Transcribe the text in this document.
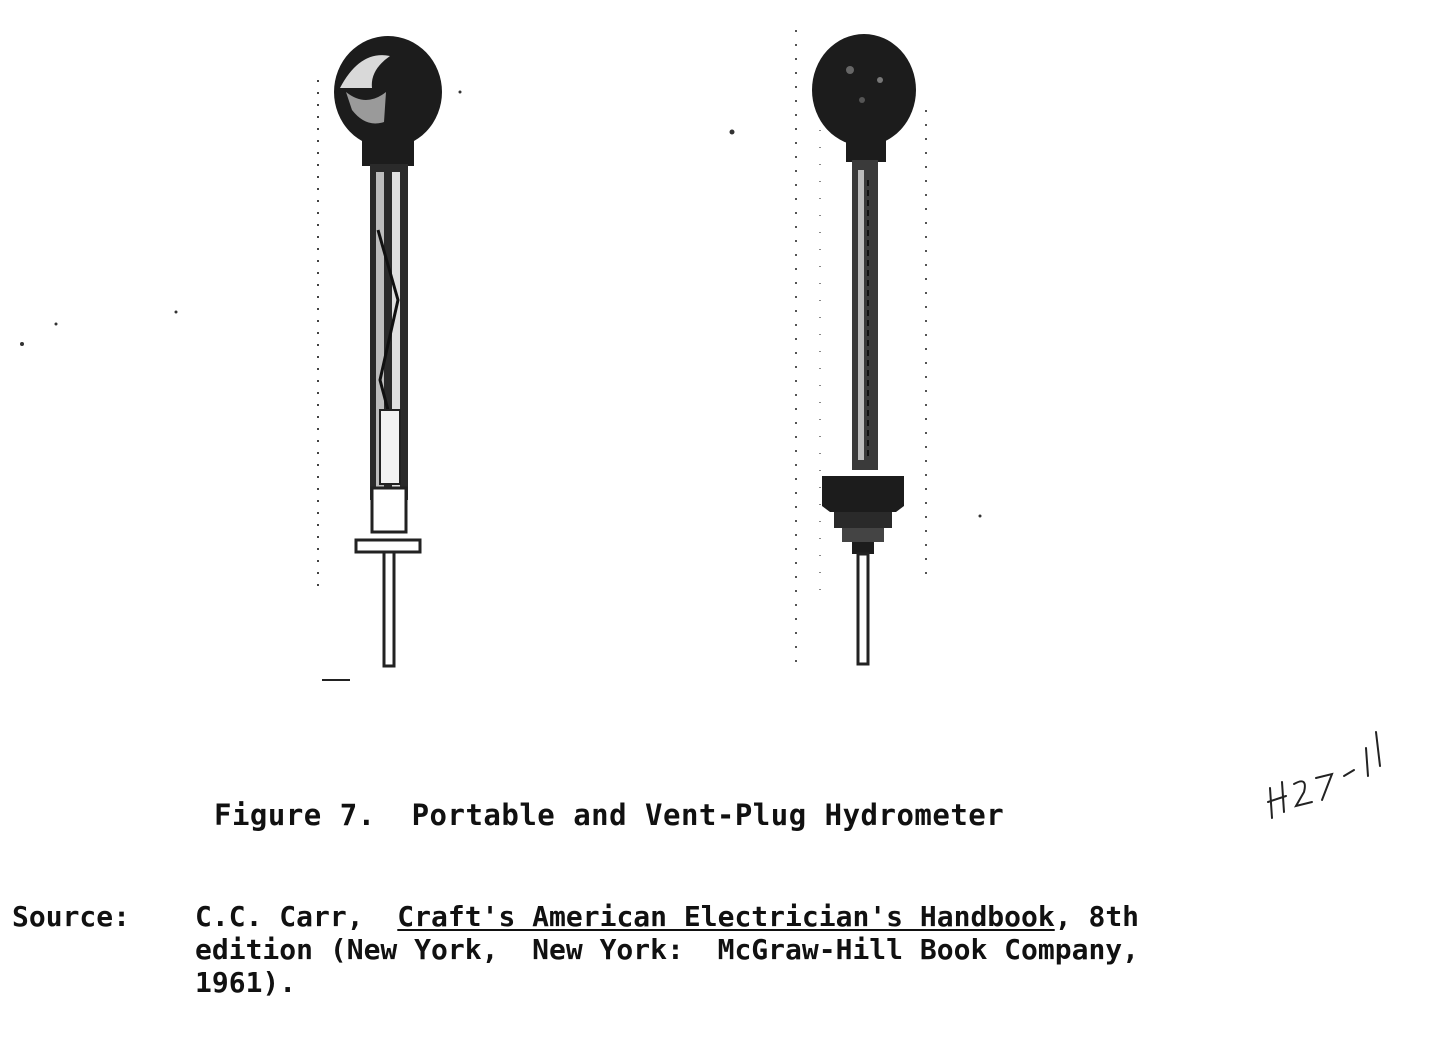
Figure 7. Portable and Vent-Plug Hydrometer
Source: C.C. Carr, Craft's American Electrician's Handbook, 8th
edition (New York,  New York:  McGraw-Hill Book Company,
1961).
